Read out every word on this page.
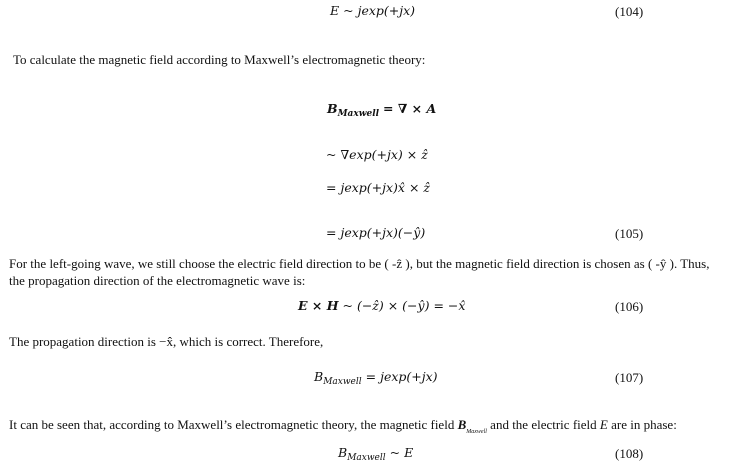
E ~ jexp(+jx)	(104)
To calculate the magnetic field according to Maxwell’s electromagnetic theory:
$B_{Maxwell}$ = ∇ × A
~ ∇exp(+jx) × ẑ
= jexp(+jx)x̂ × ẑ
= jexp(+jx)(−ŷ)	(105)
For the left-going wave, we still choose the electric field direction to be ( -ẑ ), but the magnetic field direction is chosen as ( -ŷ ). Thus,
the propagation direction of the electromagnetic wave is:
E × H ~ (−ẑ) × (−ŷ) = −x̂	(106)
The propagation direction is −x̂, which is correct. Therefore,
$B_{Maxwell} = jexp(+jx)$	(107)
It can be seen that, according to Maxwell’s electromagnetic theory, the magnetic field $B_{Maxwell}$ and the electric field E are in phase:
$B_{Maxwell}$ ~ E	(108)
